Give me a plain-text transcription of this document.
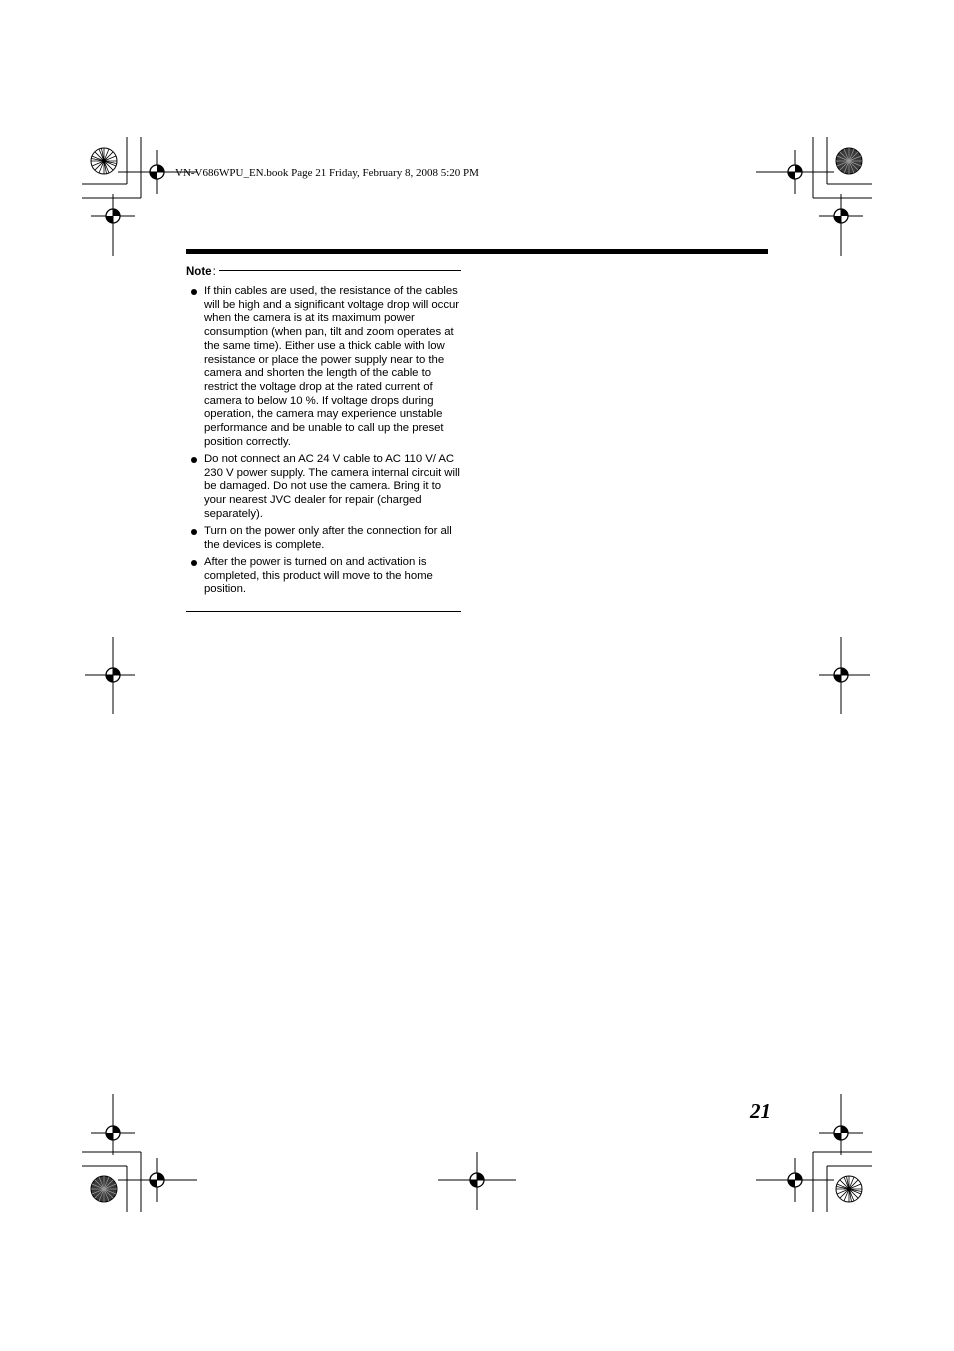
VN-V686WPU_EN.book Page 21 Friday, February 8, 2008 5:20 PM
Note :
If thin cables are used, the resistance of the cables will be high and a significant voltage drop will occur when the camera is at its maximum power consumption (when pan, tilt and zoom operates at the same time). Either use a thick cable with low resistance or place the power supply near to the camera and shorten the length of the cable to restrict the voltage drop at the rated current of camera to below 10 %. If voltage drops during operation, the camera may experience unstable performance and be unable to call up the preset position correctly.
Do not connect an AC 24 V cable to AC 110 V/ AC 230 V power supply. The camera internal circuit will be damaged. Do not use the camera. Bring it to your nearest JVC dealer for repair (charged separately).
Turn on the power only after the connection for all the devices is complete.
After the power is turned on and activation is completed, this product will move to the home position.
21
